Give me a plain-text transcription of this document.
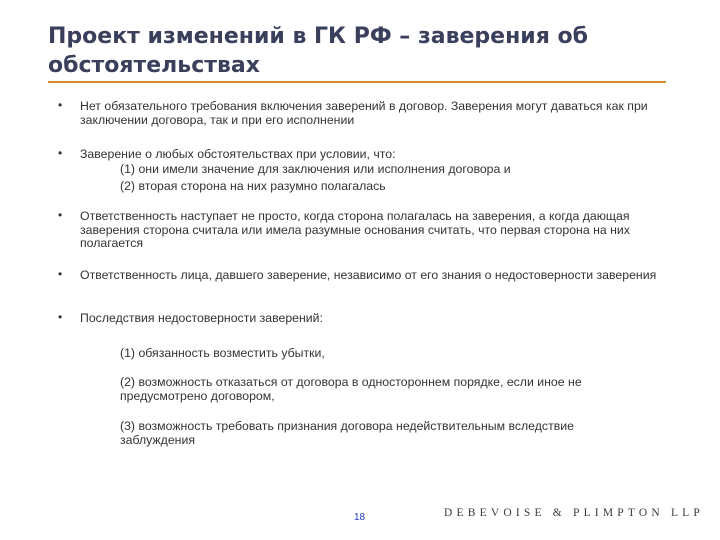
Проект изменений в ГК РФ – заверения об обстоятельствах
• Нет обязательного требования включения заверений в договор. Заверения могут даваться как при заключении договора, так и при его исполнении
• Заверение о любых обстоятельствах при условии, что:
(1) они имели значение для заключения или исполнения договора и
(2) вторая сторона на них разумно полагалась
• Ответственность наступает не просто, когда сторона полагалась на заверения, а когда дающая заверения сторона считала или имела разумные основания считать, что первая сторона на них полагается
• Ответственность лица, давшего заверение, независимо от его знания о недостоверности заверения
• Последствия недостоверности заверений:
(1) обязанность возместить убытки,
(2) возможность отказаться от договора в одностороннем порядке, если иное не предусмотрено договором,
(3) возможность требовать признания договора недействительным вследствие заблуждения
18	DEBEVOISE & PLIMPTON LLP
